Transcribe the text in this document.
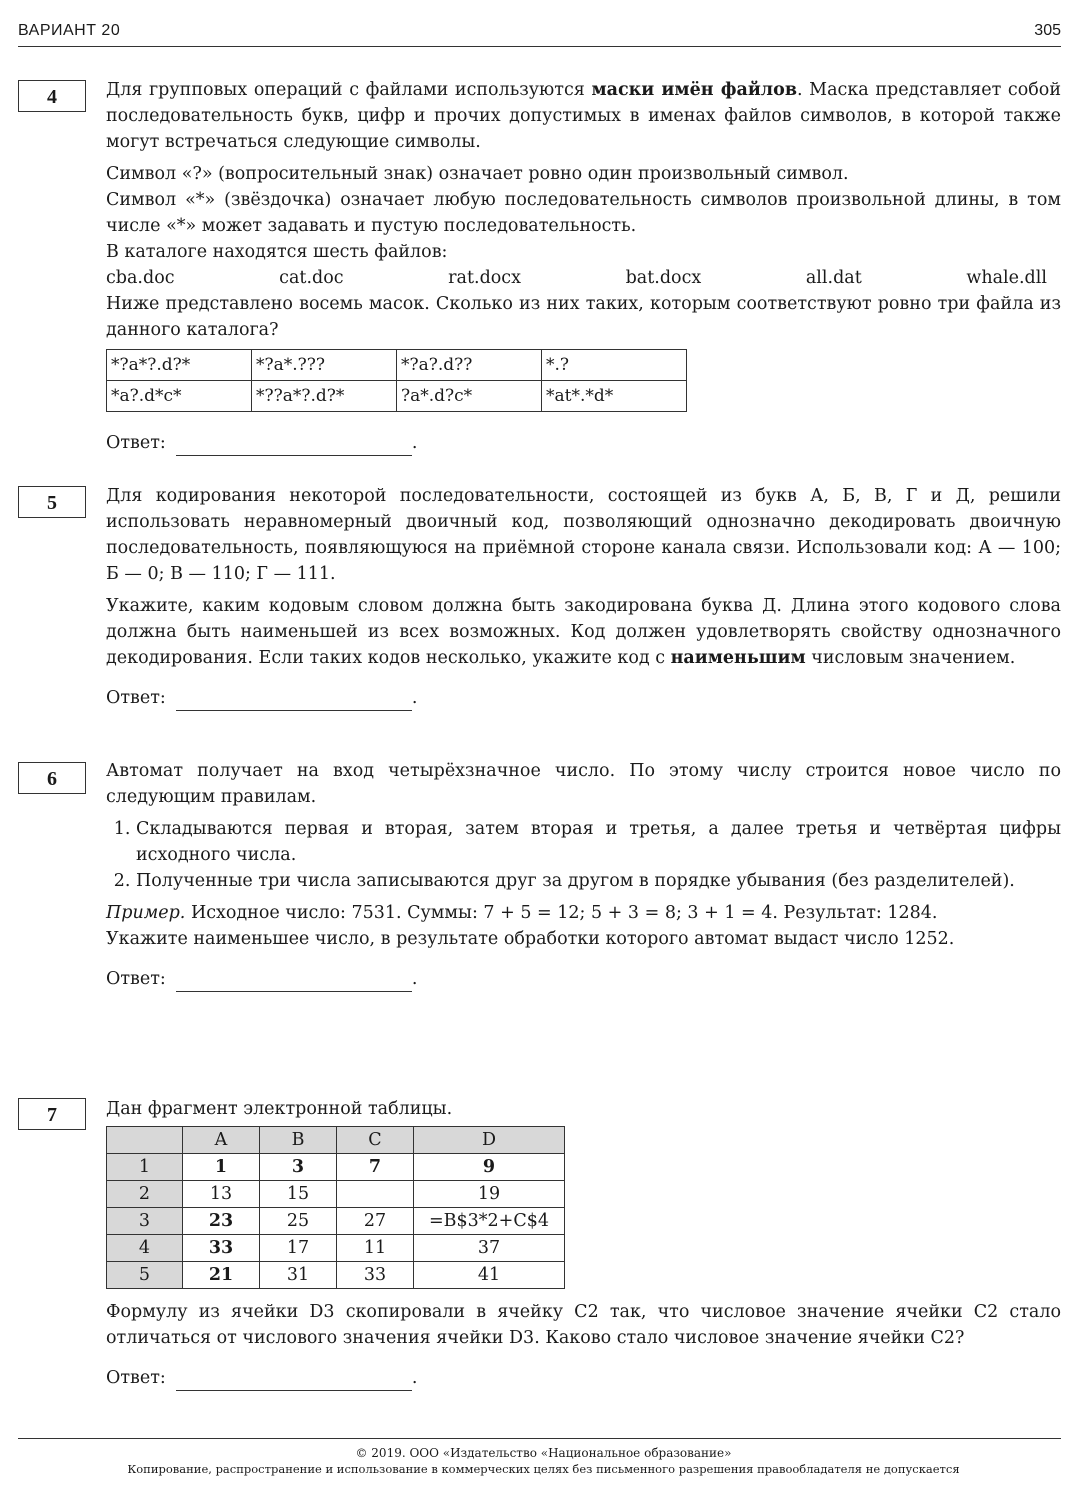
ВАРИАНТ 20	305
4	Для групповых операций с файлами используются маски имён файлов. Маска представляет собой последовательность букв, цифр и прочих допустимых в именах файлов символов, в которой также могут встречаться следующие символы.

Символ «?» (вопросительный знак) означает ровно один произвольный символ.

Символ «*» (звёздочка) означает любую последовательность символов произвольной длины, в том числе «*» может задавать и пустую последовательность.

В каталоге находятся шесть файлов:

cba.doc	cat.doc	rat.docx	bat.docx	all.dat	whale.dll

Ниже представлено восемь масок. Сколько из них таких, которым соответствуют ровно три файла из данного каталога?

*?a*?.d?*	*?a*.???	*?a?.d??	*.?
*a?.d*c*	*??a*?.d?*	?a*.d?c*	*at*.*d*
Ответ:	.
5	Для кодирования некоторой последовательности, состоящей из букв А, Б, В, Г и Д, решили использовать неравномерный двоичный код, позволяющий однозначно декодировать двоичную последовательность, появляющуюся на приёмной стороне канала связи. Использовали код: А — 100; Б — 0; В — 110; Г — 111.

Укажите, каким кодовым словом должна быть закодирована буква Д. Длина этого кодового слова должна быть наименьшей из всех возможных. Код должен удовлетворять свойству однозначного декодирования. Если таких кодов несколько, укажите код с наименьшим числовым значением.

Ответ:	.
6	Автомат получает на вход четырёхзначное число. По этому числу строится новое число по следующим правилам.

1. Складываются первая и вторая, затем вторая и третья, а далее третья и четвёртая цифры исходного числа.
2. Полученные три числа записываются друг за другом в порядке убывания (без разделителей).

Пример. Исходное число: 7531. Суммы: 7 + 5 = 12; 5 + 3 = 8; 3 + 1 = 4. Результат: 1284.

Укажите наименьшее число, в результате обработки которого автомат выдаст число 1252.

Ответ:	.
7	Дан фрагмент электронной таблицы.

	A	B	C	D
1	1	3	7	9
2	13	15		19
3	23	25	27	=B$3*2+C$4
4	33	17	11	37
5	21	31	33	41

Формулу из ячейки D3 скопировали в ячейку C2 так, что числовое значение ячейки C2 стало отличаться от числового значения ячейки D3. Каково стало числовое значение ячейки C2?

Ответ:	.
© 2019. ООО «Издательство «Национальное образование»
Копирование, распространение и использование в коммерческих целях без письменного разрешения правообладателя не допускается
